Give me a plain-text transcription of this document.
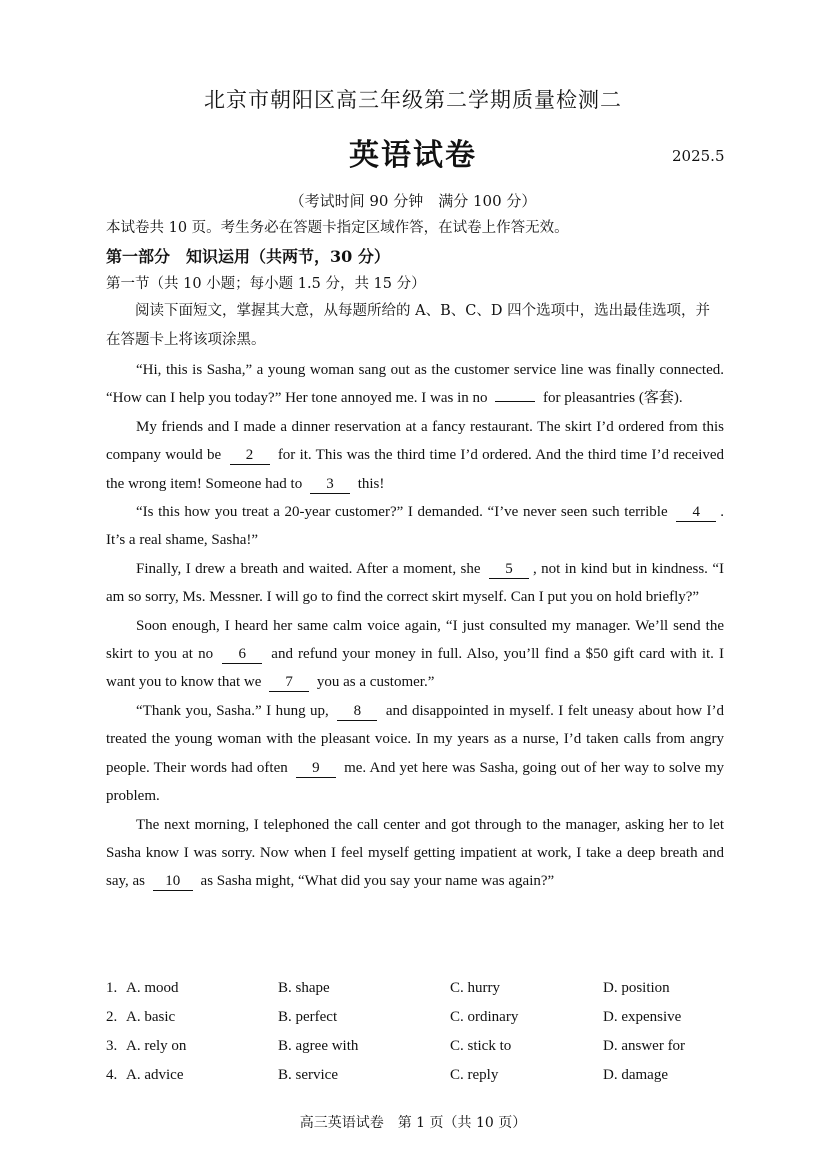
北京市朝阳区高三年级第二学期质量检测二
英语试卷	2025.5
（考试时间 90 分钟　满分 100 分）
本试卷共 10 页。考生务必在答题卡指定区域作答，在试卷上作答无效。
第一部分　知识运用（共两节，30 分）
第一节（共 10 小题；每小题 1.5 分，共 15 分）
阅读下面短文，掌握其大意，从每题所给的 A、B、C、D 四个选项中，选出最佳选项，并在答题卡上将该项涂黑。

“Hi, this is Sasha,” a young woman sang out as the customer service line was finally connected. “How can I help you today?” Her tone annoyed me. I was in no	for pleasantries (客套).

My friends and I made a dinner reservation at a fancy restaurant. The skirt I’d ordered from this company would be 2 for it. This was the third time I’d ordered. And the third time I’d received the wrong item! Someone had to 3 this!

“Is this how you treat a 20-year customer?” I demanded. “I’ve never seen such terrible 4 . It’s a real shame, Sasha!”

Finally, I drew a breath and waited. After a moment, she 5 , not in kind but in kindness. “I am so sorry, Ms. Messner. I will go to find the correct skirt myself. Can I put you on hold briefly?”

Soon enough, I heard her same calm voice again, “I just consulted my manager. We’ll send the skirt to you at no 6 and refund your money in full. Also, you’ll find a $50 gift card with it. I want you to know that we 7 you as a customer.”

“Thank you, Sasha.” I hung up, 8 and disappointed in myself. I felt uneasy about how I’d treated the young woman with the pleasant voice. In my years as a nurse, I’d taken calls from angry people. Their words had often 9 me. And yet here was Sasha, going out of her way to solve my problem.

The next morning, I telephoned the call center and got through to the manager, asking her to let Sasha know I was sorry. Now when I feel myself getting impatient at work, I take a deep breath and say, as 10 as Sasha might, “What did you say your name was again?”

1. A. mood	B. shape	C. hurry	D. position
2. A. basic	B. perfect	C. ordinary	D. expensive
3. A. rely on	B. agree with	C. stick to	D. answer for
4. A. advice	B. service	C. reply	D. damage
高三英语试卷　第 1 页（共 10 页）
